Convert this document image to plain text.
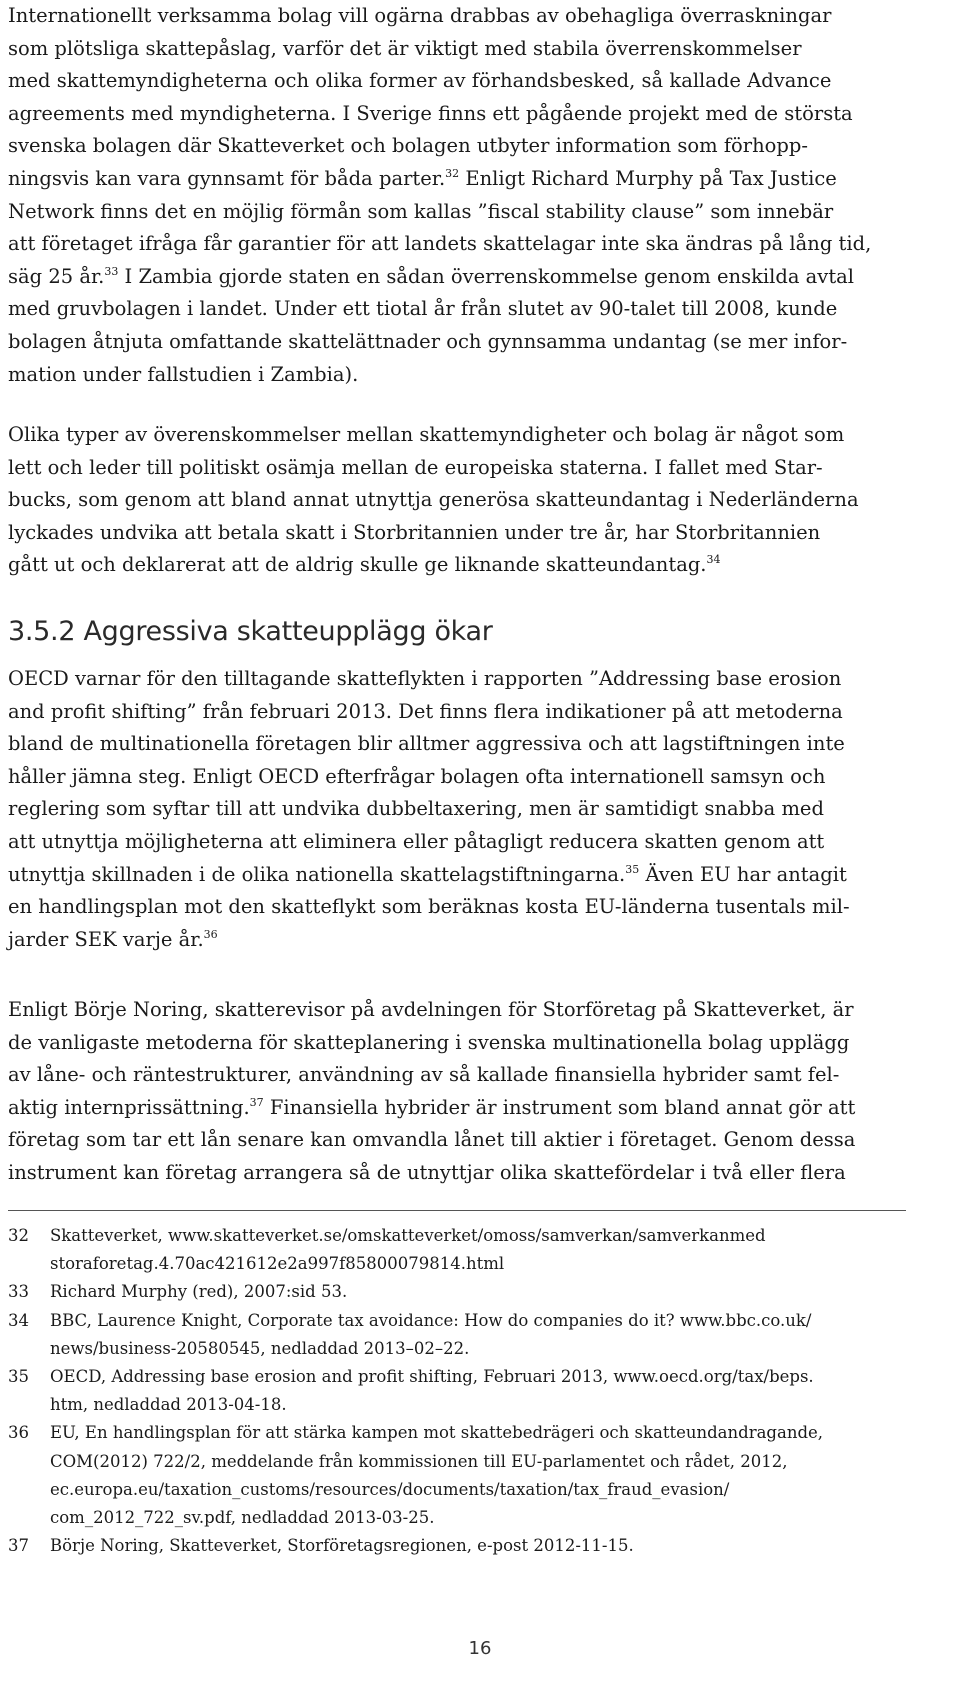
Internationellt verksamma bolag vill ogärna drabbas av obehagliga överraskningar
som plötsliga skattepåslag, varför det är viktigt med stabila överrenskommelser
med skattemyndigheterna och olika former av förhandsbesked, så kallade Advance
agreements med myndigheterna. I Sverige finns ett pågående projekt med de största
svenska bolagen där Skatteverket och bolagen utbyter information som förhopp-
ningsvis kan vara gynnsamt för båda parter.$^{32}$ Enligt Richard Murphy på Tax Justice
Network finns det en möjlig förmån som kallas ”fiscal stability clause” som innebär
att företaget ifråga får garantier för att landets skattelagar inte ska ändras på lång tid,
säg 25 år.$^{33}$ I Zambia gjorde staten en sådan överrenskommelse genom enskilda avtal
med gruvbolagen i landet. Under ett tiotal år från slutet av 90-talet till 2008, kunde
bolagen åtnjuta omfattande skattelättnader och gynnsamma undantag (se mer infor-
mation under fallstudien i Zambia).

Olika typer av överenskommelser mellan skattemyndigheter och bolag är något som
lett och leder till politiskt osämja mellan de europeiska staterna. I fallet med Star-
bucks, som genom att bland annat utnyttja generösa skatteundantag i Nederländerna
lyckades undvika att betala skatt i Storbritannien under tre år, har Storbritannien
gått ut och deklarerat att de aldrig skulle ge liknande skatteundantag.$^{34}$

3.5.2 Aggressiva skatteupplägg ökar

OECD varnar för den tilltagande skatteflykten i rapporten ”Addressing base erosion
and profit shifting” från februari 2013. Det finns flera indikationer på att metoderna
bland de multinationella företagen blir alltmer aggressiva och att lagstiftningen inte
håller jämna steg. Enligt OECD efterfrågar bolagen ofta internationell samsyn och
reglering som syftar till att undvika dubbeltaxering, men är samtidigt snabba med
att utnyttja möjligheterna att eliminera eller påtagligt reducera skatten genom att
utnyttja skillnaden i de olika nationella skattelagstiftningarna.$^{35}$ Även EU har antagit
en handlingsplan mot den skatteflykt som beräknas kosta EU-länderna tusentals mil-
jarder SEK varje år.$^{36}$

Enligt Börje Noring, skatterevisor på avdelningen för Storföretag på Skatteverket, är
de vanligaste metoderna för skatteplanering i svenska multinationella bolag upplägg
av låne- och räntestrukturer, användning av så kallade finansiella hybrider samt fel-
aktig internprissättning.$^{37}$ Finansiella hybrider är instrument som bland annat gör att
företag som tar ett lån senare kan omvandla lånet till aktier i företaget. Genom dessa
instrument kan företag arrangera så de utnyttjar olika skattefördelar i två eller flera

32	Skatteverket, www.skatteverket.se/omskatteverket/omoss/samverkan/samverkanmed
storaforetag.4.70ac421612e2a997f85800079814.html
33	Richard Murphy (red), 2007:sid 53.
34	BBC, Laurence Knight, Corporate tax avoidance: How do companies do it? www.bbc.co.uk/
news/business-20580545, nedladdad 2013–02–22.
35	OECD, Addressing base erosion and profit shifting, Februari 2013, www.oecd.org/tax/beps.
htm, nedladdad 2013-04-18.
36	EU, En handlingsplan för att stärka kampen mot skattebedrägeri och skatteundandragande,
COM(2012) 722/2, meddelande från kommissionen till EU-parlamentet och rådet, 2012,
ec.europa.eu/taxation_customs/resources/documents/taxation/tax_fraud_evasion/
com_2012_722_sv.pdf, nedladdad 2013-03-25.
37	Börje Noring, Skatteverket, Storföretagsregionen, e-post 2012-11-15.
16
